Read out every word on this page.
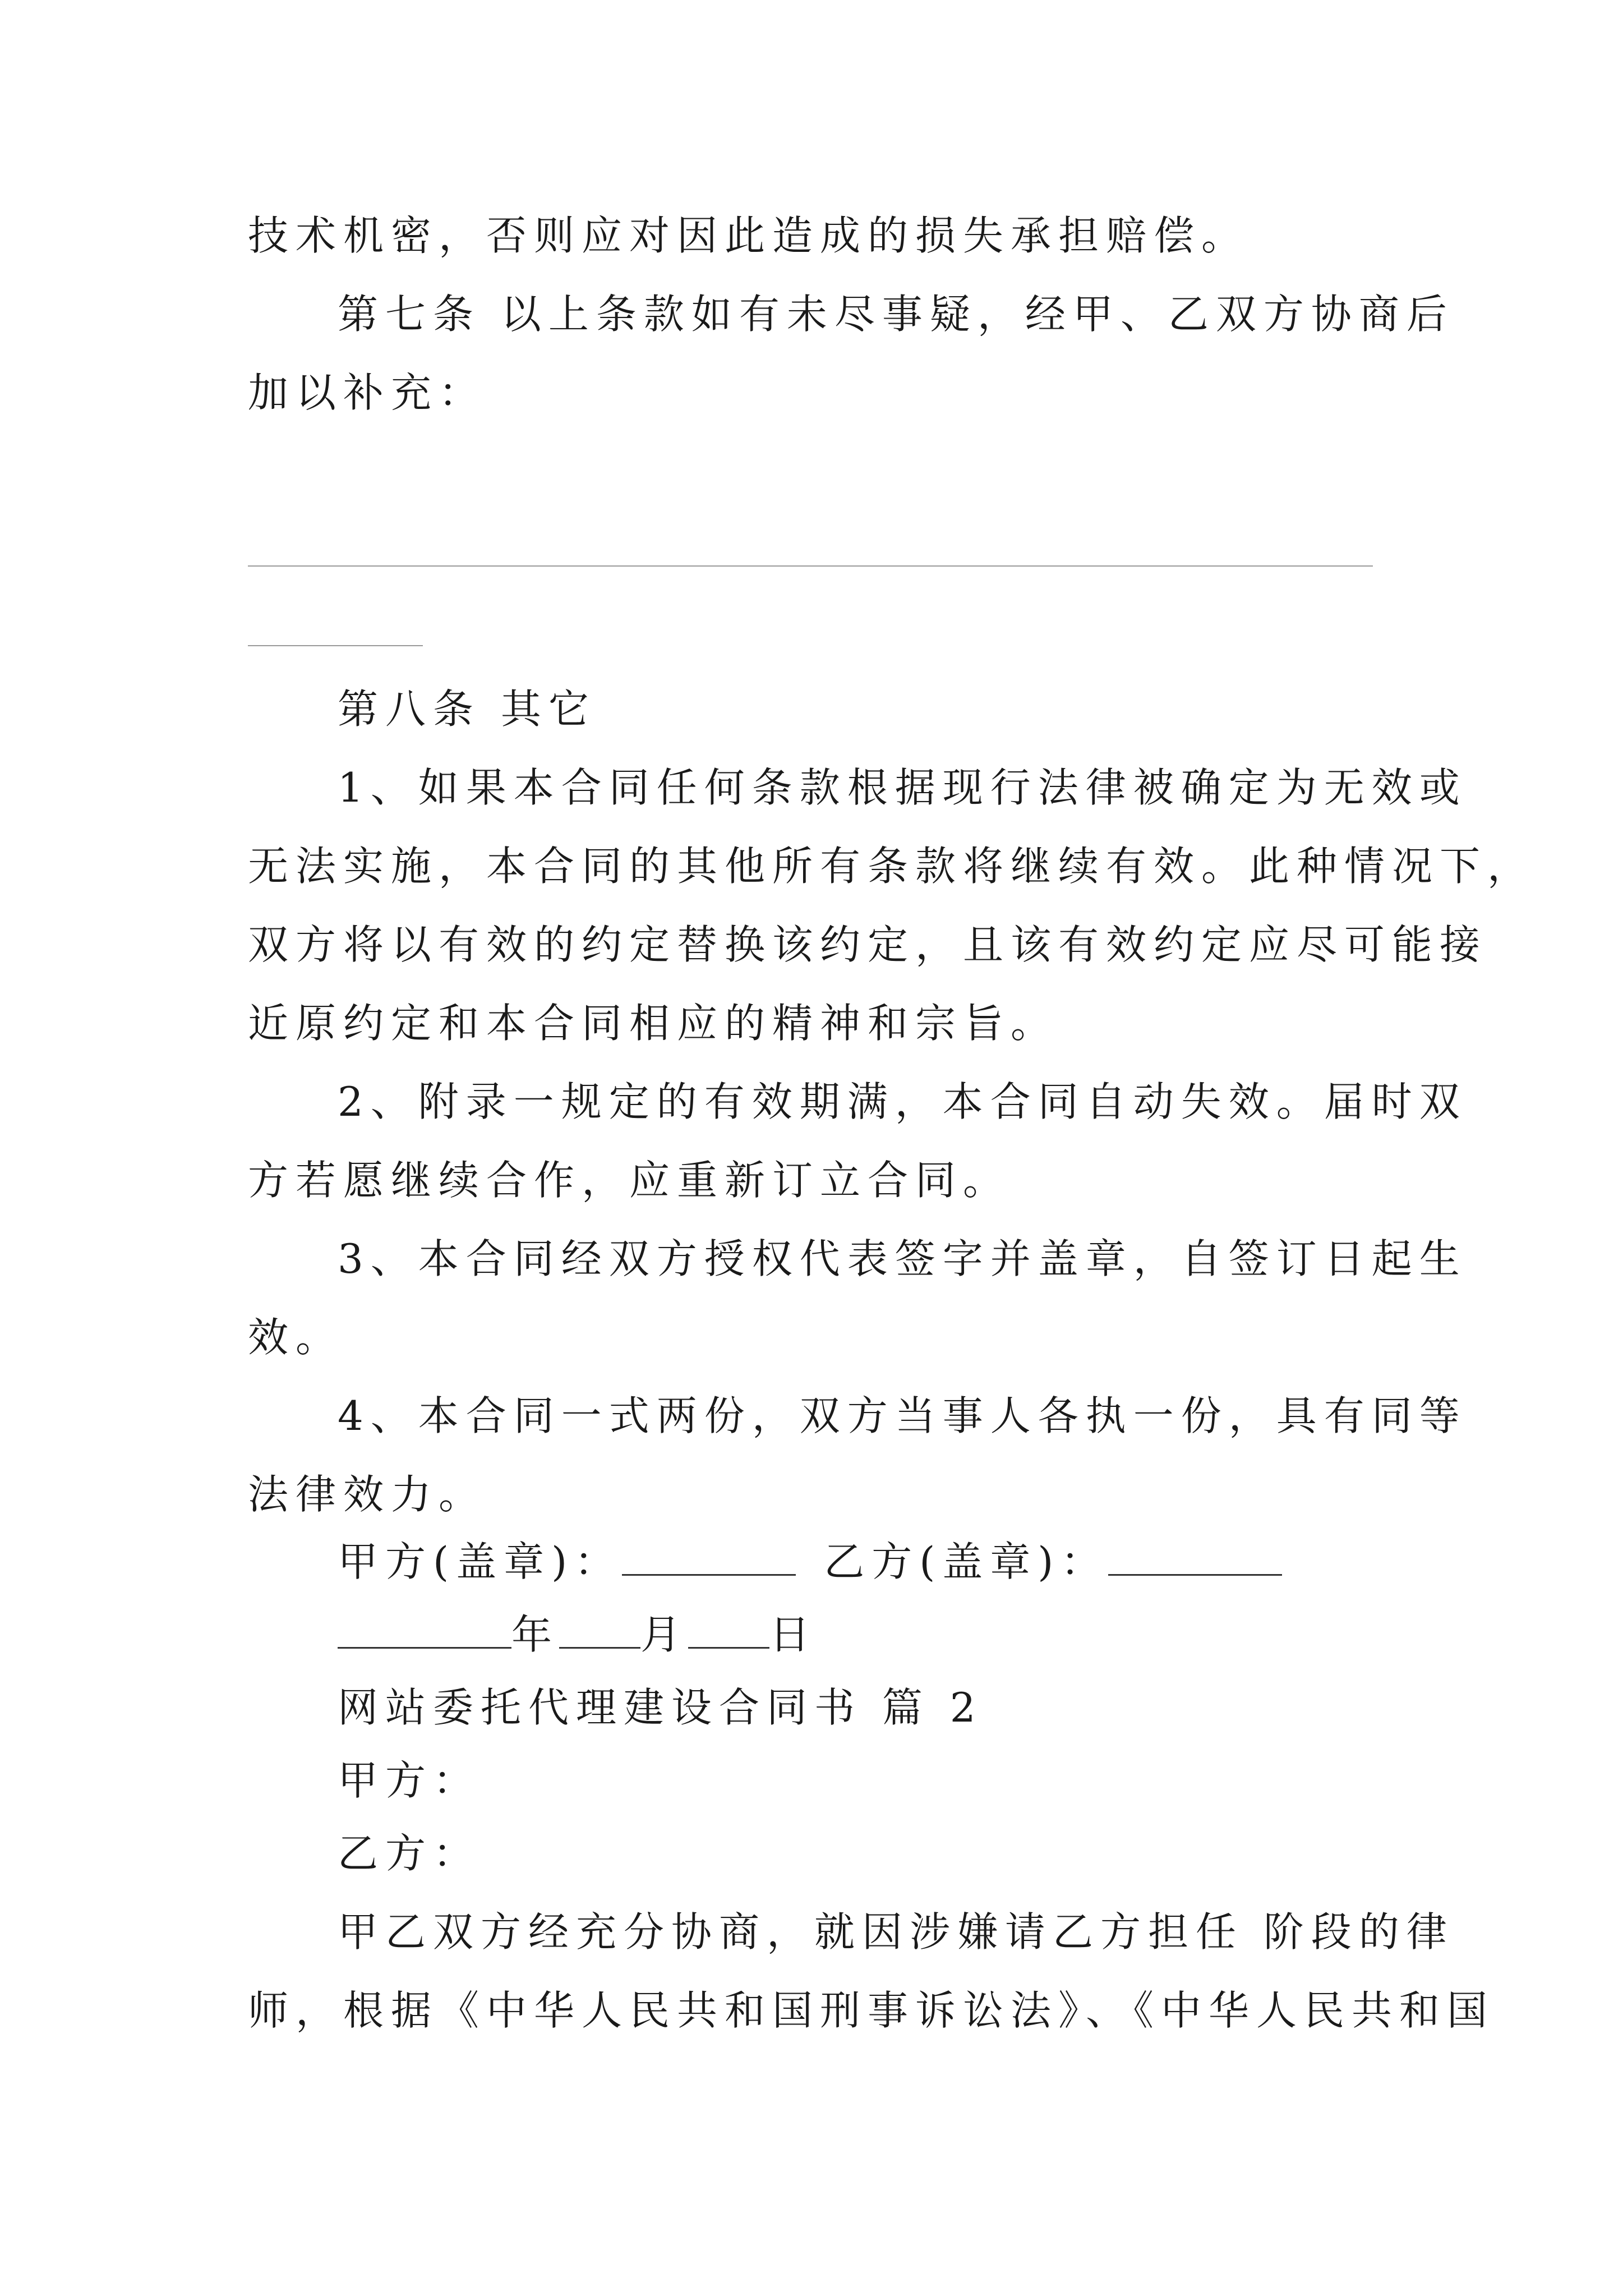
技术机密，否则应对因此造成的损失承担赔偿。
第七条 以上条款如有未尽事疑，经甲、乙双方协商后
加以补充：
第八条 其它
1、如果本合同任何条款根据现行法律被确定为无效或
无法实施，本合同的其他所有条款将继续有效。此种情况下，
双方将以有效的约定替换该约定，且该有效约定应尽可能接
近原约定和本合同相应的精神和宗旨。
2、附录一规定的有效期满，本合同自动失效。届时双
方若愿继续合作，应重新订立合同。
3、本合同经双方授权代表签字并盖章，自签订日起生
效。
4、本合同一式两份，双方当事人各执一份，具有同等
法律效力。
甲方(盖章)：	乙方(盖章)：
年 月 日
网站委托代理建设合同书 篇 2
甲方：
乙方：
甲乙双方经充分协商，就因涉嫌请乙方担任 阶段的律
师，根据《中华人民共和国刑事诉讼法》、《中华人民共和国
